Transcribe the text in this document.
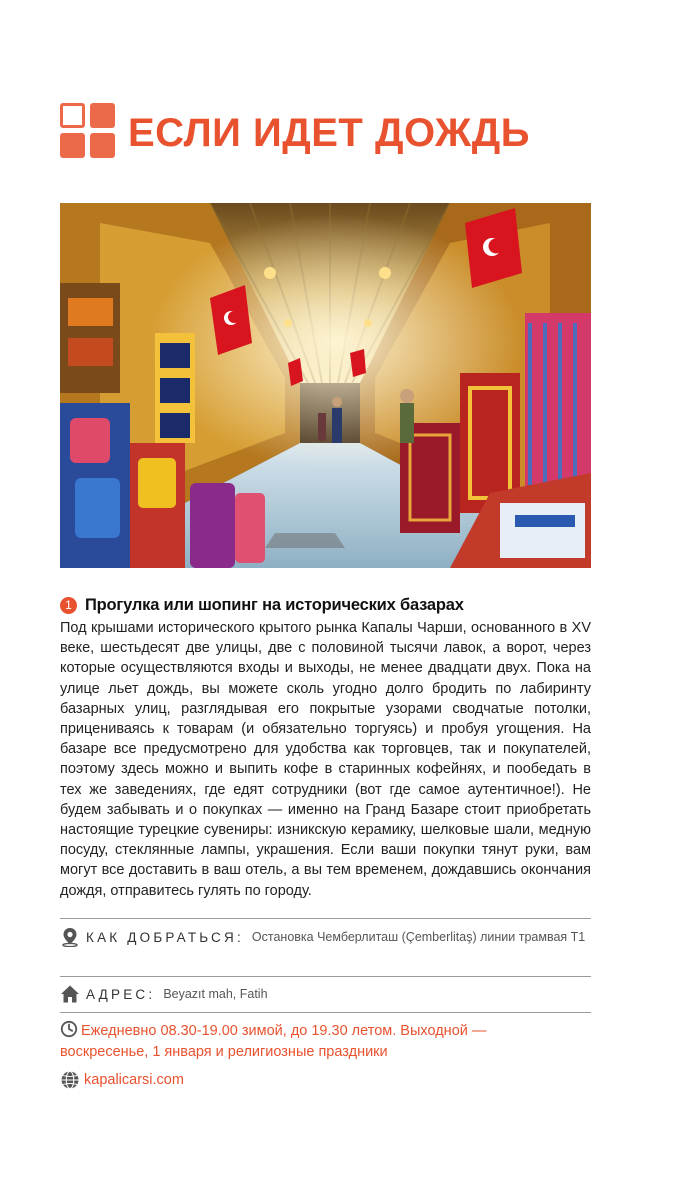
ЕСЛИ ИДЕТ ДОЖДЬ
1 Прогулка или шопинг на исторических базарах
Под крышами исторического крытого рынка Капалы Чарши, основанного в XV веке, шестьдесят две улицы, две с половиной тысячи лавок, а ворот, через которые осуществляются входы и выходы, не менее двадцати двух. Пока на улице льет дождь, вы можете сколь угодно долго бродить по лабиринту базарных улиц, разглядывая его покрытые узорами сводчатые потолки, прицениваясь к товарам (и обязательно торгуясь) и пробуя угощения. На базаре все предусмотрено для удобства как торговцев, так и покупателей, поэтому здесь можно и выпить кофе в старинных кофейнях, и пообедать в тех же заведениях, где едят сотрудники (вот где самое аутентичное!). Не будем забывать и о покупках — именно на Гранд Базаре стоит приобретать настоящие турецкие сувениры: изникскую керамику, шелковые шали, медную посуду, стеклянные лампы, украшения. Если ваши покупки тянут руки, вам могут все доставить в ваш отель, а вы тем временем, дождавшись окончания дождя, отправитесь гулять по городу.
КАК ДОБРАТЬСЯ: Остановка Чемберлиташ (Çemberlitaş) линии трамвая Т1
АДРЕС: Beyazıt mah, Fatih
Ежедневно 08.30-19.00 зимой, до 19.30 летом. Выходной —
воскресенье, 1 января и религиозные праздники
kapalicarsi.com
